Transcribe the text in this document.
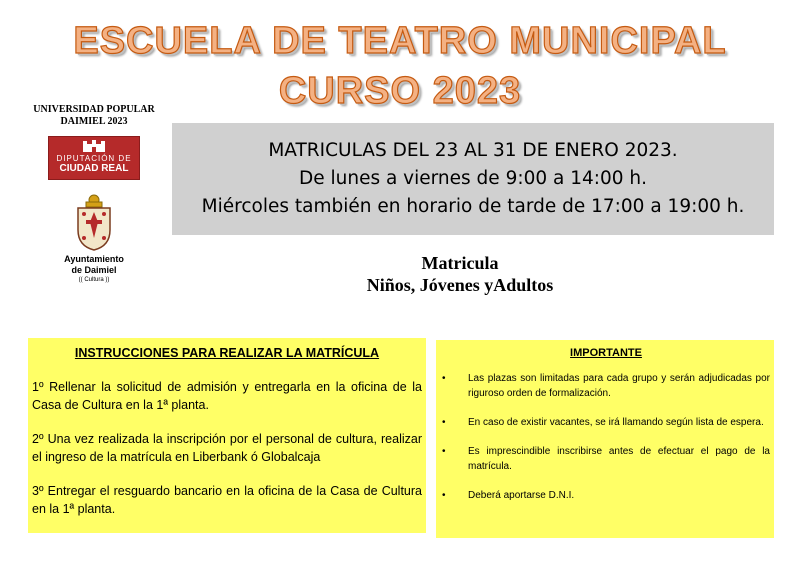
ESCUELA DE TEATRO MUNICIPAL
CURSO 2023
UNIVERSIDAD POPULAR
DAIMIEL 2023
DIPUTACIÓN DE
CIUDAD REAL
Ayuntamiento
de Daimiel
(( Cultura ))
MATRICULAS DEL 23 AL 31 DE ENERO 2023.
De lunes a viernes de 9:00 a 14:00 h.
Miércoles también en horario de tarde de 17:00 a 19:00 h.
Matricula
Niños, Jóvenes yAdultos
INSTRUCCIONES PARA REALIZAR LA MATRÍCULA

1º Rellenar la solicitud de admisión y entregarla en la oficina de la Casa de Cultura en la 1ª planta.

2º Una vez realizada la inscripción por el personal de cultura, realizar el ingreso de la matrícula en Liberbank ó Globalcaja

3º Entregar el resguardo bancario en la oficina de la Casa de Cultura en la 1ª planta.

IMPORTANTE
• Las plazas son limitadas para cada grupo y serán adjudicadas por riguroso orden de formalización.
• En caso de existir vacantes, se irá llamando según lista de espera.
• Es imprescindible inscribirse antes de efectuar el pago de la matrícula.
• Deberá aportarse D.N.I.
